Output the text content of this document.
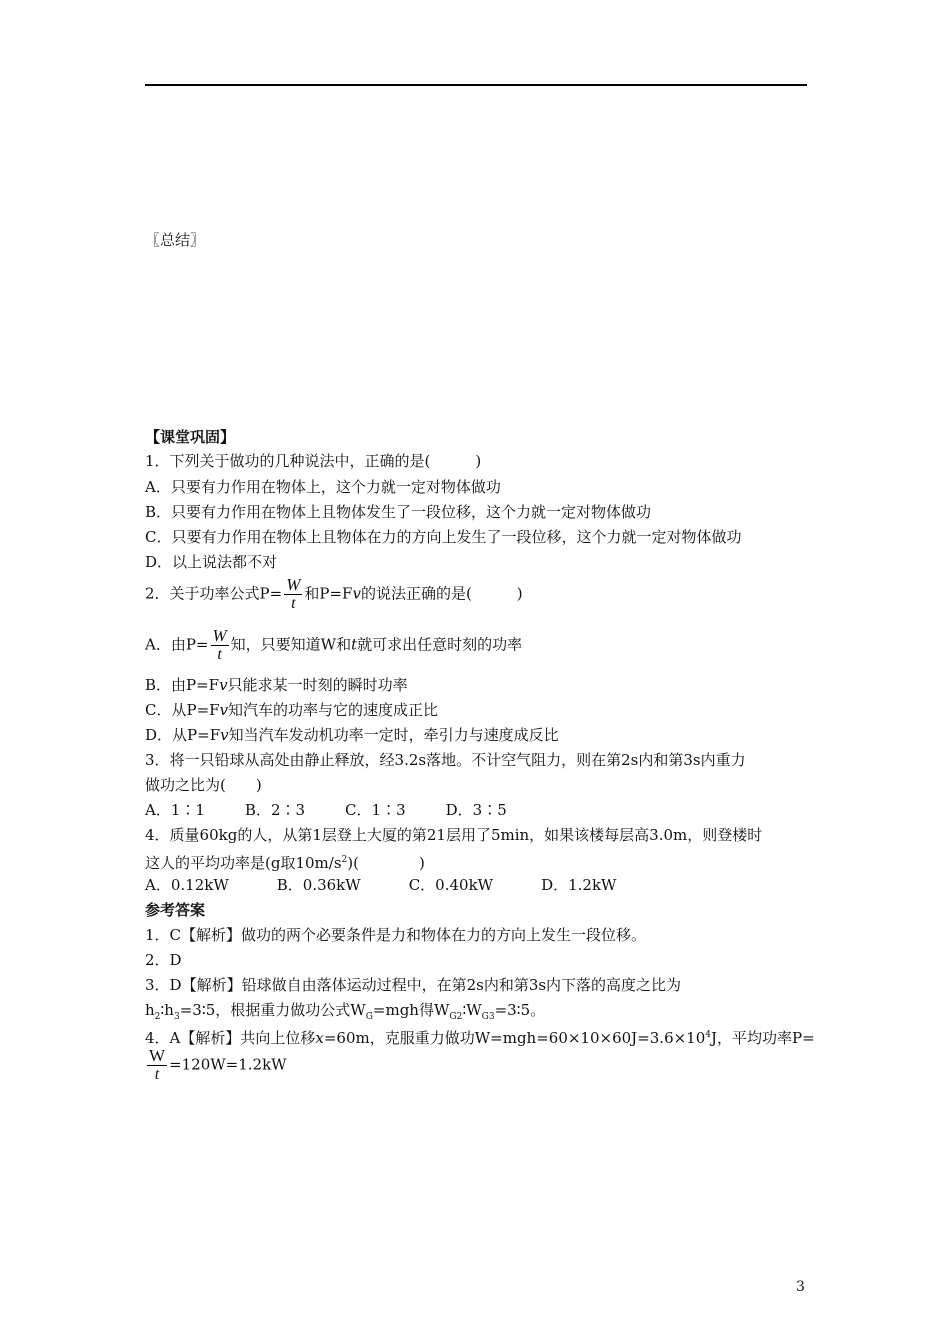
〖总结〗
【课堂巩固】
1．下列关于做功的几种说法中，正确的是(　　　)
A．只要有力作用在物体上，这个力就一定对物体做功
B．只要有力作用在物体上且物体发生了一段位移，这个力就一定对物体做功
C．只要有力作用在物体上且物体在力的方向上发生了一段位移，这个力就一定对物体做功
D．以上说法都不对
2．关于功率公式$P= \frac{W}{t}$ 和P=Fv的说法正确的是(　　　)
A．由$P= \frac{W}{t}$ 知，只要知道W和t就可求出任意时刻的功率
B．由P=Fv只能求某一时刻的瞬时功率
C．从P=Fv知汽车的功率与它的速度成正比
D．从P=Fv知当汽车发动机功率一定时，牵引力与速度成反比
3．将一只铅球从高处由静止释放，经3.2s落地。不计空气阻力，则在第2s内和第3s内重力
做功之比为(　　)
A．1∶1	B．2∶3	C．1∶3	D．3∶5
4．质量60kg的人，从第1层登上大厦的第21层用了5min，如果该楼每层高3.0m，则登楼时
这人的平均功率是(g取$10m/s^2$)(　　　　)
A．0.12kW	B．0.36kW	C．0.40kW	D．1.2kW
参考答案
1．C【解析】做功的两个必要条件是力和物体在力的方向上发生一段位移。
2．D
3．D【解析】铅球做自由落体运动过程中，在第2s内和第3s内下落的高度之比为
$h_2∶h_3=3∶5$，根据重力做功公式$W_G=mgh$得$W_{G2}∶W_{G3}=3∶5$。
4．A【解析】共向上位移x=60m，克服重力做功$W=mgh=60\times 10\times 60J=3.6\times 10^4J$，平均功率P=
$\frac{W}{t} =120W=1.2kW$
3
